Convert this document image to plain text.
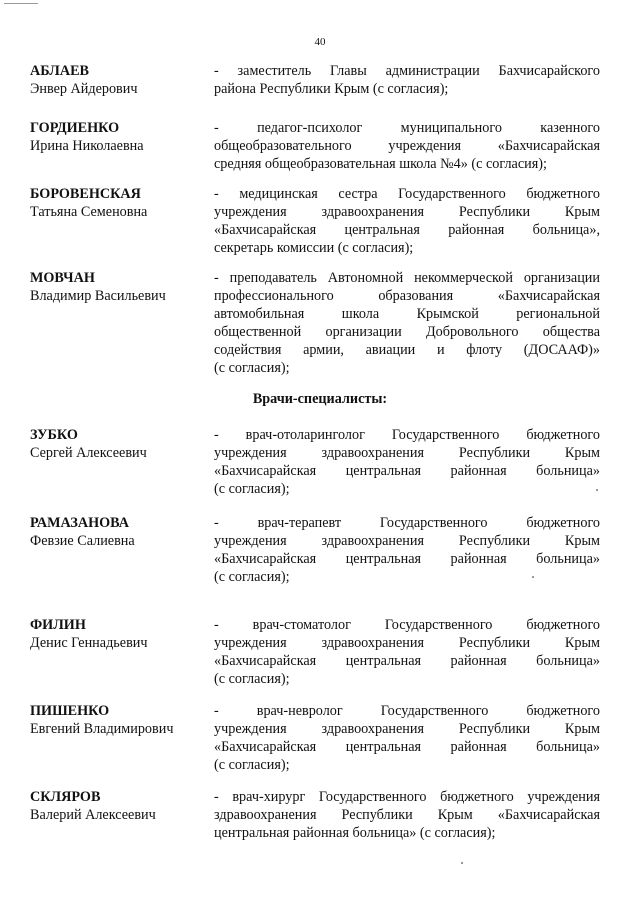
40
АБЛАЕВ
Энвер Айдерович
- заместитель Главы администрации Бахчисарайского
района Республики Крым (с согласия);
ГОРДИЕНКО
Ирина Николаевна
- педагог-психолог муниципального казенного
общеобразовательного учреждения «Бахчисарайская
средняя общеобразовательная школа №4» (с согласия);
БОРОВЕНСКАЯ
Татьяна Семеновна
- медицинская сестра Государственного бюджетного
учреждения здравоохранения Республики Крым
«Бахчисарайская центральная районная больница»,
секретарь комиссии (с согласия);
МОВЧАН
Владимир Васильевич
- преподаватель Автономной некоммерческой организации
профессионального образования «Бахчисарайская
автомобильная школа Крымской региональной
общественной организации Добровольного общества
содействия армии, авиации и флоту (ДОСААФ)»
(с согласия);
Врачи-специалисты:
ЗУБКО
Сергей Алексеевич
- врач-отоларинголог Государственного бюджетного
учреждения здравоохранения Республики Крым
«Бахчисарайская центральная районная больница»
(с согласия);
РАМАЗАНОВА
Февзие Салиевна
- врач-терапевт Государственного бюджетного
учреждения здравоохранения Республики Крым
«Бахчисарайская центральная районная больница»
(с согласия);
ФИЛИН
Денис Геннадьевич
- врач-стоматолог Государственного бюджетного
учреждения здравоохранения Республики Крым
«Бахчисарайская центральная районная больница»
(с согласия);
ПИШЕНКО
Евгений Владимирович
- врач-невролог Государственного бюджетного
учреждения здравоохранения Республики Крым
«Бахчисарайская центральная районная больница»
(с согласия);
СКЛЯРОВ
Валерий Алексеевич
- врач-хирург Государственного бюджетного учреждения
здравоохранения Республики Крым «Бахчисарайская
центральная районная больница» (с согласия);
